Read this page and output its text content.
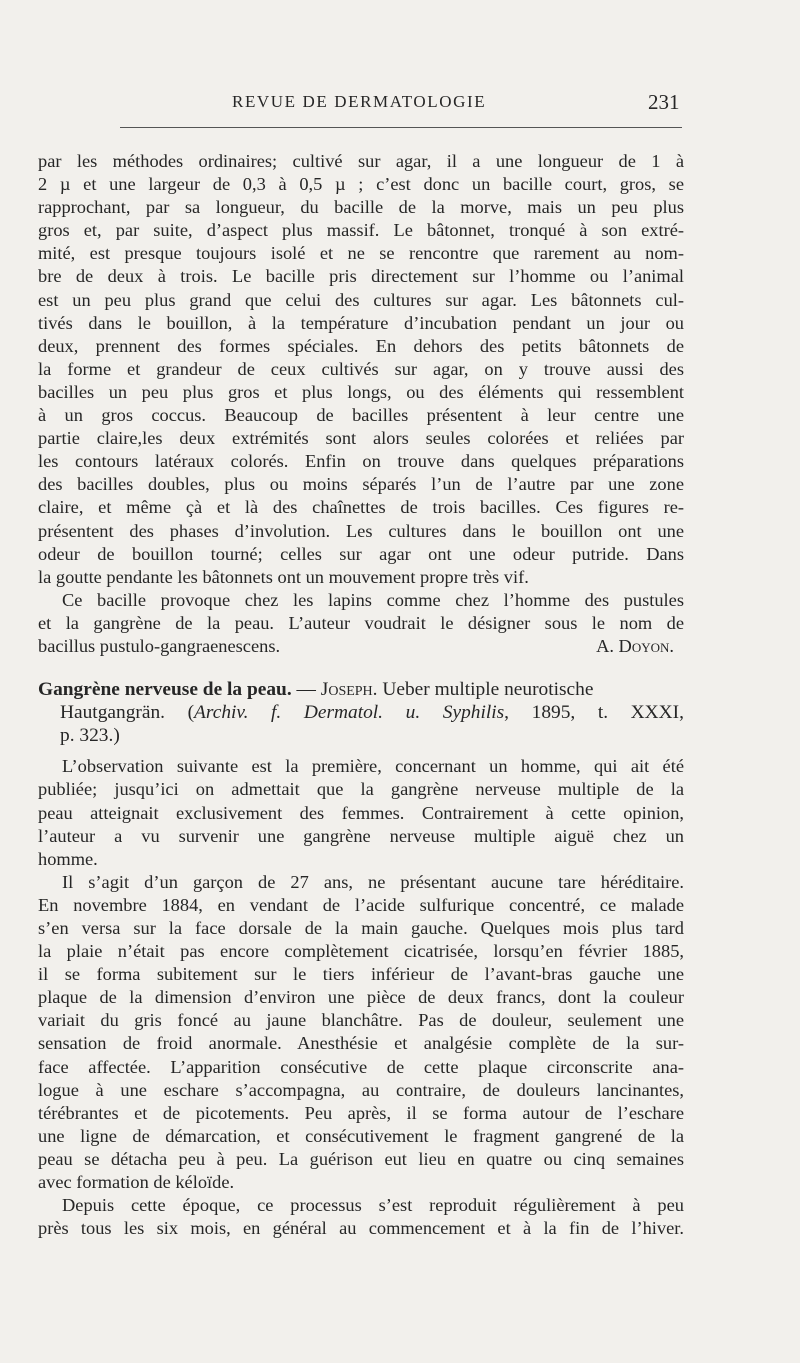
REVUE DE DERMATOLOGIE	231
par les méthodes ordinaires; cultivé sur agar, il a une longueur de 1 à
2 µ et une largeur de 0,3 à 0,5 µ ; c’est donc un bacille court, gros, se
rapprochant, par sa longueur, du bacille de la morve, mais un peu plus
gros et, par suite, d’aspect plus massif. Le bâtonnet, tronqué à son extré-
mité, est presque toujours isolé et ne se rencontre que rarement au nom-
bre de deux à trois. Le bacille pris directement sur l’homme ou l’animal
est un peu plus grand que celui des cultures sur agar. Les bâtonnets cul-
tivés dans le bouillon, à la température d’incubation pendant un jour ou
deux, prennent des formes spéciales. En dehors des petits bâtonnets de
la forme et grandeur de ceux cultivés sur agar, on y trouve aussi des
bacilles un peu plus gros et plus longs, ou des éléments qui ressemblent
à un gros coccus. Beaucoup de bacilles présentent à leur centre une
partie claire,les deux extrémités sont alors seules colorées et reliées par
les contours latéraux colorés. Enfin on trouve dans quelques préparations
des bacilles doubles, plus ou moins séparés l’un de l’autre par une zone
claire, et même çà et là des chaînettes de trois bacilles. Ces figures re-
présentent des phases d’involution. Les cultures dans le bouillon ont une
odeur de bouillon tourné; celles sur agar ont une odeur putride. Dans
la goutte pendante les bâtonnets ont un mouvement propre très vif.
Ce bacille provoque chez les lapins comme chez l’homme des pustules
et la gangrène de la peau. L’auteur voudrait le désigner sous le nom de
bacillus pustulo-gangraenescens.	A. Doyon.
Gangrène nerveuse de la peau. — Joseph. Ueber multiple neurotische
Hautgangrän. (Archiv. f. Dermatol. u. Syphilis, 1895, t. XXXI,
p. 323.)
L’observation suivante est la première, concernant un homme, qui ait été
publiée; jusqu’ici on admettait que la gangrène nerveuse multiple de la
peau atteignait exclusivement des femmes. Contrairement à cette opinion,
l’auteur a vu survenir une gangrène nerveuse multiple aiguë chez un
homme.
Il s’agit d’un garçon de 27 ans, ne présentant aucune tare héréditaire.
En novembre 1884, en vendant de l’acide sulfurique concentré, ce malade
s’en versa sur la face dorsale de la main gauche. Quelques mois plus tard
la plaie n’était pas encore complètement cicatrisée, lorsqu’en février 1885,
il se forma subitement sur le tiers inférieur de l’avant-bras gauche une
plaque de la dimension d’environ une pièce de deux francs, dont la couleur
variait du gris foncé au jaune blanchâtre. Pas de douleur, seulement une
sensation de froid anormale. Anesthésie et analgésie complète de la sur-
face affectée. L’apparition consécutive de cette plaque circonscrite ana-
logue à une eschare s’accompagna, au contraire, de douleurs lancinantes,
térébrantes et de picotements. Peu après, il se forma autour de l’eschare
une ligne de démarcation, et consécutivement le fragment gangrené de la
peau se détacha peu à peu. La guérison eut lieu en quatre ou cinq semaines
avec formation de kéloïde.
Depuis cette époque, ce processus s’est reproduit régulièrement à peu
près tous les six mois, en général au commencement et à la fin de l’hiver.
